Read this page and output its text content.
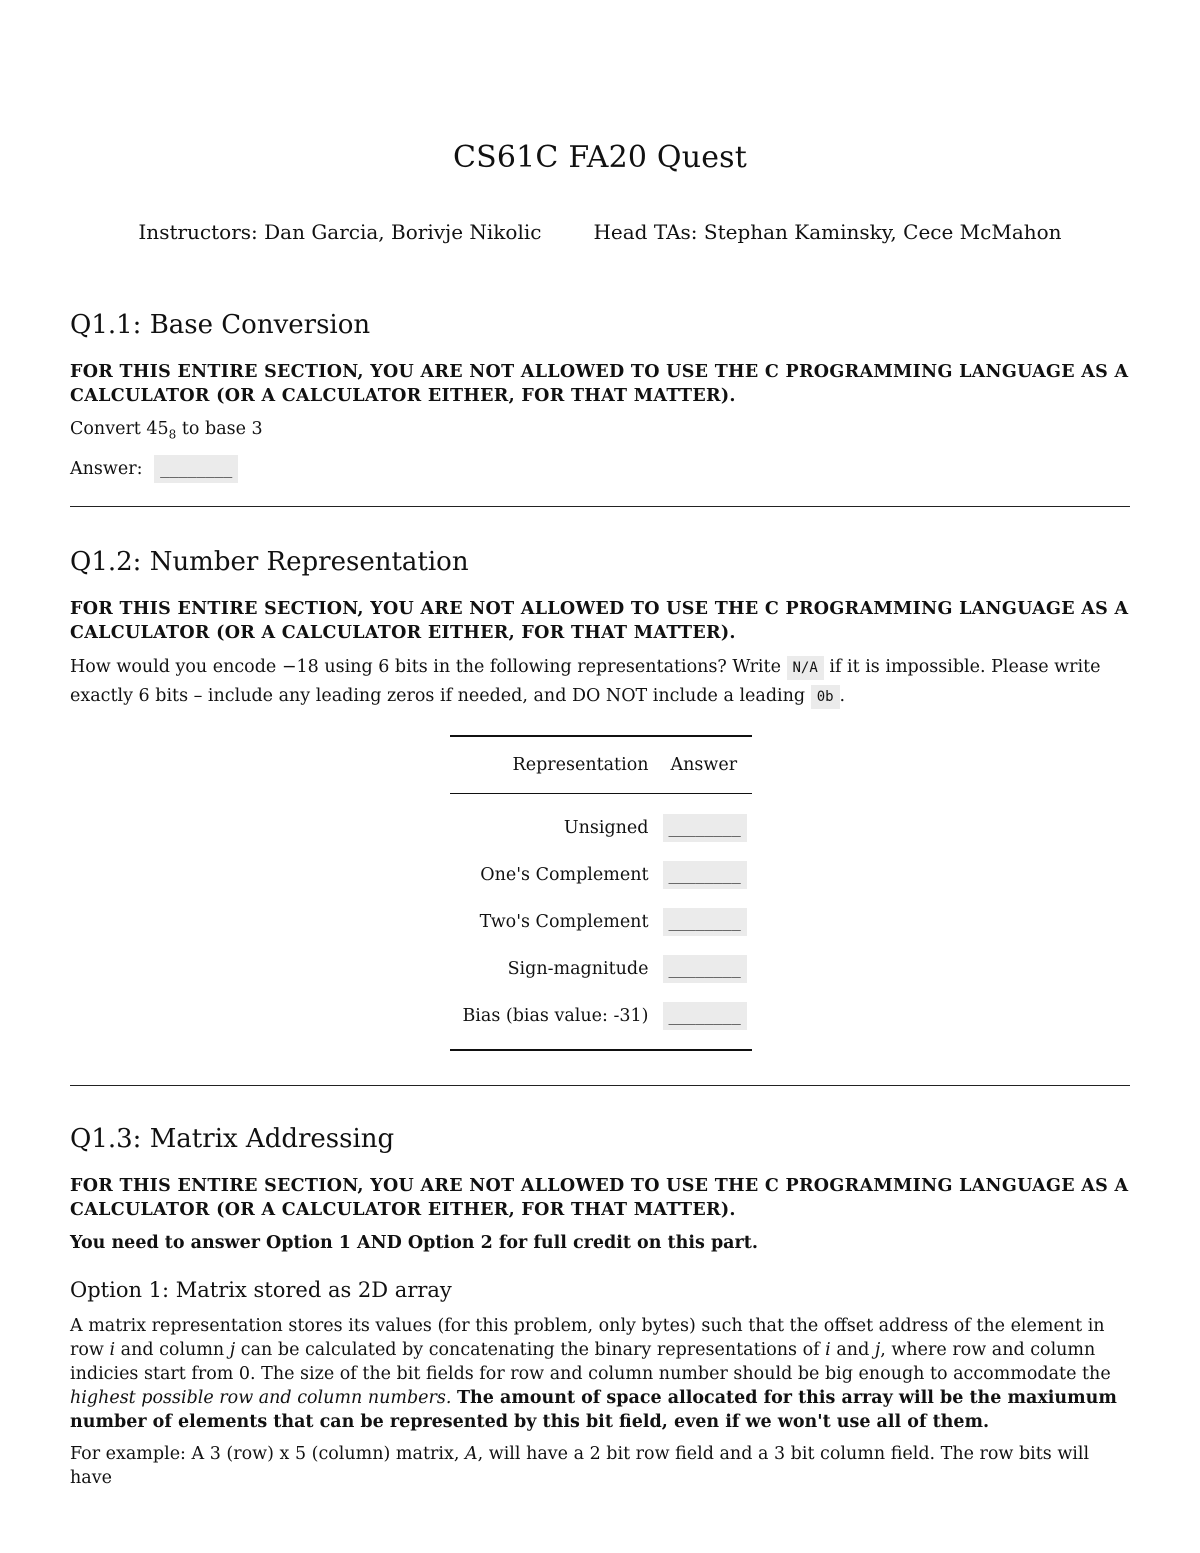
CS61C FA20 Quest
Instructors: Dan Garcia, Borivje Nikolic	Head TAs: Stephan Kaminsky, Cece McMahon
Q1.1: Base Conversion

FOR THIS ENTIRE SECTION, YOU ARE NOT ALLOWED TO USE THE C PROGRAMMING LANGUAGE AS A CALCULATOR (OR A CALCULATOR EITHER, FOR THAT MATTER).

Convert $45_8$ to base 3

Answer: ________

Q1.2: Number Representation

FOR THIS ENTIRE SECTION, YOU ARE NOT ALLOWED TO USE THE C PROGRAMMING LANGUAGE AS A CALCULATOR (OR A CALCULATOR EITHER, FOR THAT MATTER).

How would you encode −18 using 6 bits in the following representations? Write N/A if it is impossible. Please write exactly 6 bits – include any leading zeros if needed, and DO NOT include a leading 0b .

Representation	Answer
Unsigned	________
One's Complement	________
Two's Complement	________
Sign-magnitude	________
Bias (bias value: -31)	________
Q1.3: Matrix Addressing

FOR THIS ENTIRE SECTION, YOU ARE NOT ALLOWED TO USE THE C PROGRAMMING LANGUAGE AS A CALCULATOR (OR A CALCULATOR EITHER, FOR THAT MATTER).

You need to answer Option 1 AND Option 2 for full credit on this part.

Option 1: Matrix stored as 2D array

A matrix representation stores its values (for this problem, only bytes) such that the offset address of the element in row i and column j can be calculated by concatenating the binary representations of i and j, where row and column indicies start from 0. The size of the bit fields for row and column number should be big enough to accommodate the highest possible row and column numbers. The amount of space allocated for this array will be the maxiumum number of elements that can be represented by this bit field, even if we won't use all of them.

For example: A 3 (row) x 5 (column) matrix, A, will have a 2 bit row field and a 3 bit column field. The row bits will have
